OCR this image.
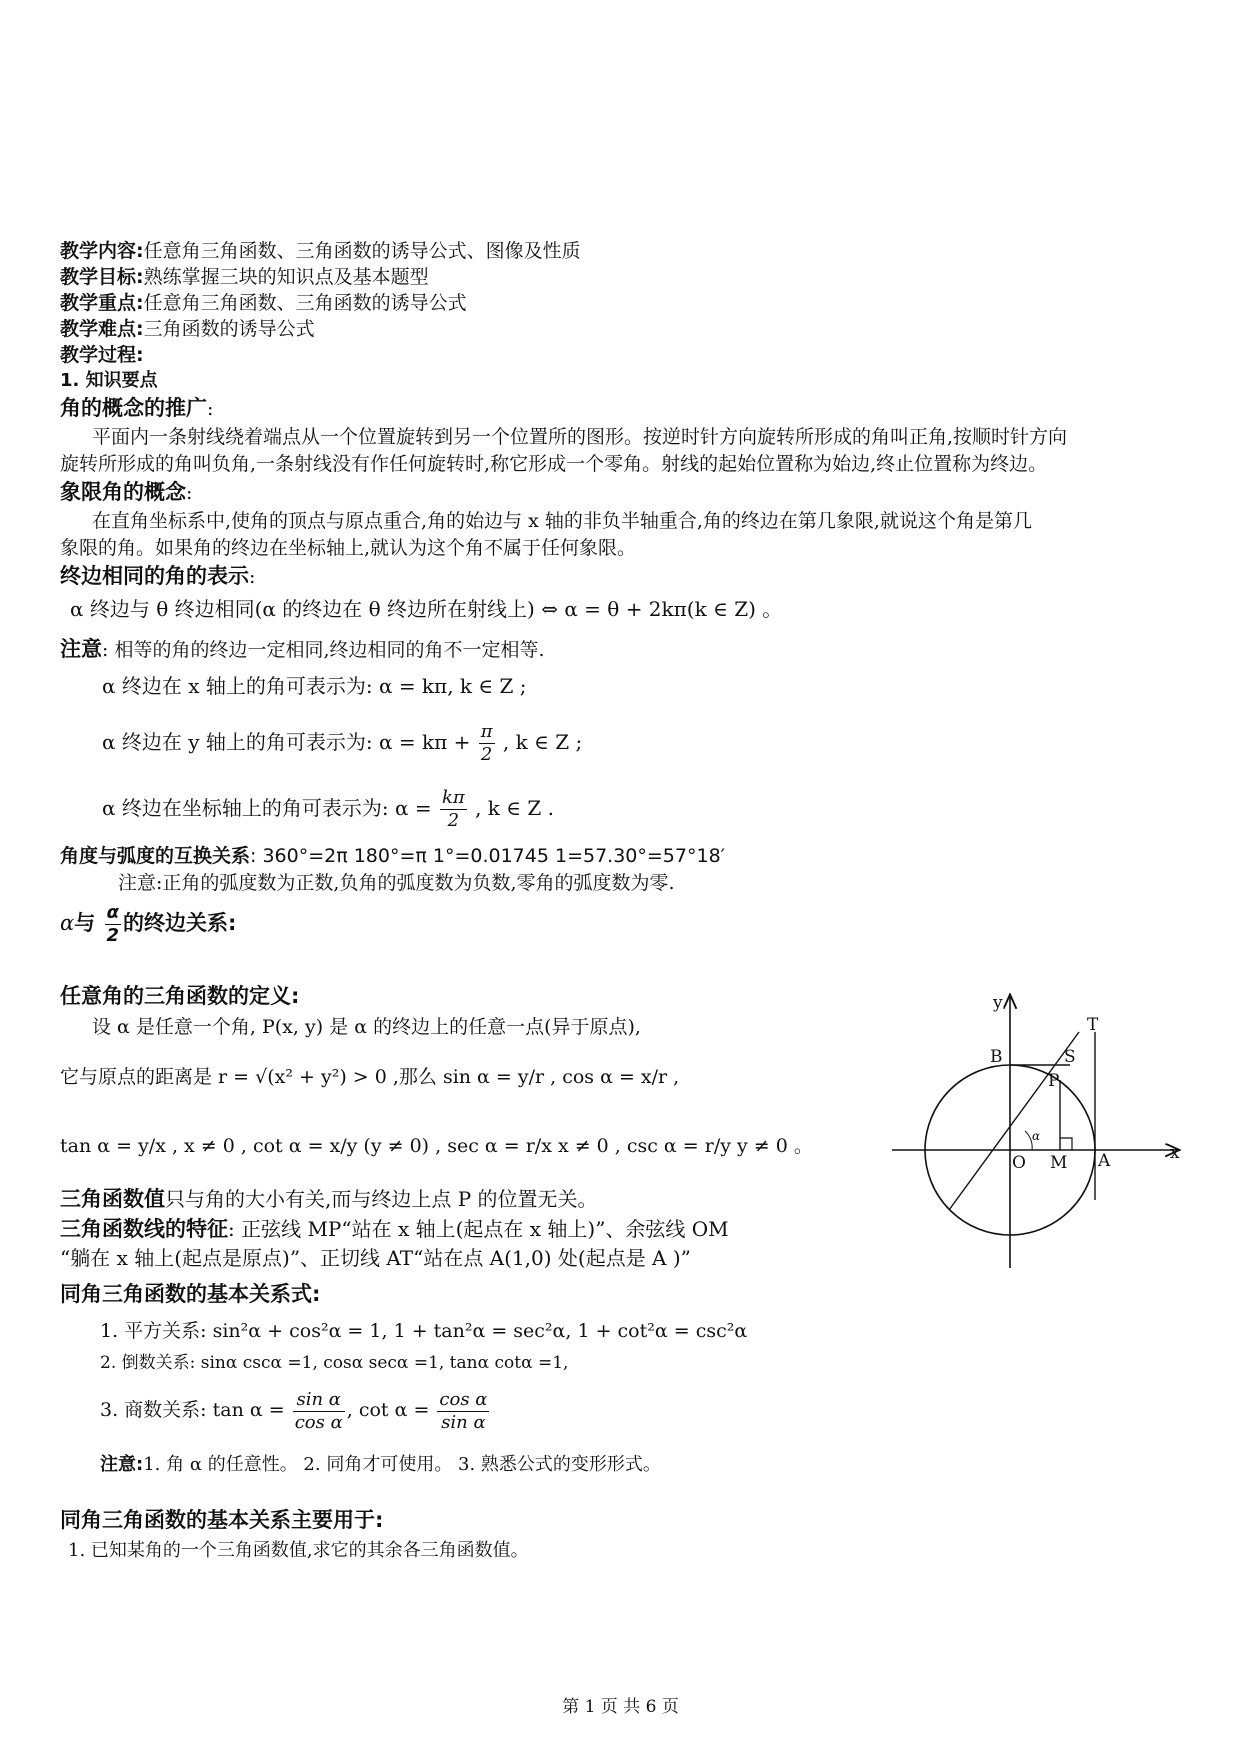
教学内容:任意角三角函数、三角函数的诱导公式、图像及性质
教学目标:熟练掌握三块的知识点及基本题型
教学重点:任意角三角函数、三角函数的诱导公式
教学难点:三角函数的诱导公式
教学过程:
1. 知识要点
角的概念的推广:
平面内一条射线绕着端点从一个位置旋转到另一个位置所的图形。按逆时针方向旋转所形成的角叫正角,按顺时针方向
旋转所形成的角叫负角,一条射线没有作任何旋转时,称它形成一个零角。射线的起始位置称为始边,终止位置称为终边。
象限角的概念:
在直角坐标系中,使角的顶点与原点重合,角的始边与 x 轴的非负半轴重合,角的终边在第几象限,就说这个角是第几
象限的角。如果角的终边在坐标轴上,就认为这个角不属于任何象限。
终边相同的角的表示:
α 终边与 θ 终边相同(α 的终边在 θ 终边所在射线上) ⇔ α = θ + 2kπ(k ∈ Z) 。
注意: 相等的角的终边一定相同,终边相同的角不一定相等.
α 终边在 x 轴上的角可表示为: α = kπ, k ∈ Z ;
α 终边在 y 轴上的角可表示为: $\alpha = k\pi + \frac{\pi}{2}$ , k ∈ Z ;
α 终边在坐标轴上的角可表示为: $\alpha = \frac{k\pi}{2}$ , k ∈ Z .
角度与弧度的互换关系: 360°=2π 180°=π 1°=0.01745 1=57.30°=57°18′
注意:正角的弧度数为正数,负角的弧度数为负数,零角的弧度数为零.
α与 $\frac{\alpha}{2}$ 的终边关系:
任意角的三角函数的定义:
设 α 是任意一个角, P(x, y) 是 α 的终边上的任意一点(异于原点),
它与原点的距离是 r = √(x² + y²) > 0 ,那么 sin α = y/r , cos α = x/r ,
tan α = y/x , x ≠ 0 , cot α = x/y (y ≠ 0) , sec α = r/x x ≠ 0 , csc α = r/y y ≠ 0 。
三角函数值只与角的大小有关,而与终边上点 P 的位置无关。
三角函数线的特征: 正弦线 MP“站在 x 轴上(起点在 x 轴上)”、余弦线 OM
“躺在 x 轴上(起点是原点)”、正切线 AT“站在点 A(1,0) 处(起点是 A )”
同角三角函数的基本关系式:
1. 平方关系: sin²α + cos²α = 1, 1 + tan²α = sec²α, 1 + cot²α = csc²α
2. 倒数关系: sinα cscα =1, cosα secα =1, tanα cotα =1,
3. 商数关系: $\tan \alpha = \frac{\text{sin α}}{\text{cos α}}$ , $\cot \alpha = \frac{\text{cos α}}{\text{sin α}}$
注意:1. 角 α 的任意性。 2. 同角才可使用。 3. 熟悉公式的变形形式。
同角三角函数的基本关系主要用于:
1. 已知某角的一个三角函数值,求它的其余各三角函数值。
y
x
B	S
T
P
O M A
α
第 1 页 共 6 页
